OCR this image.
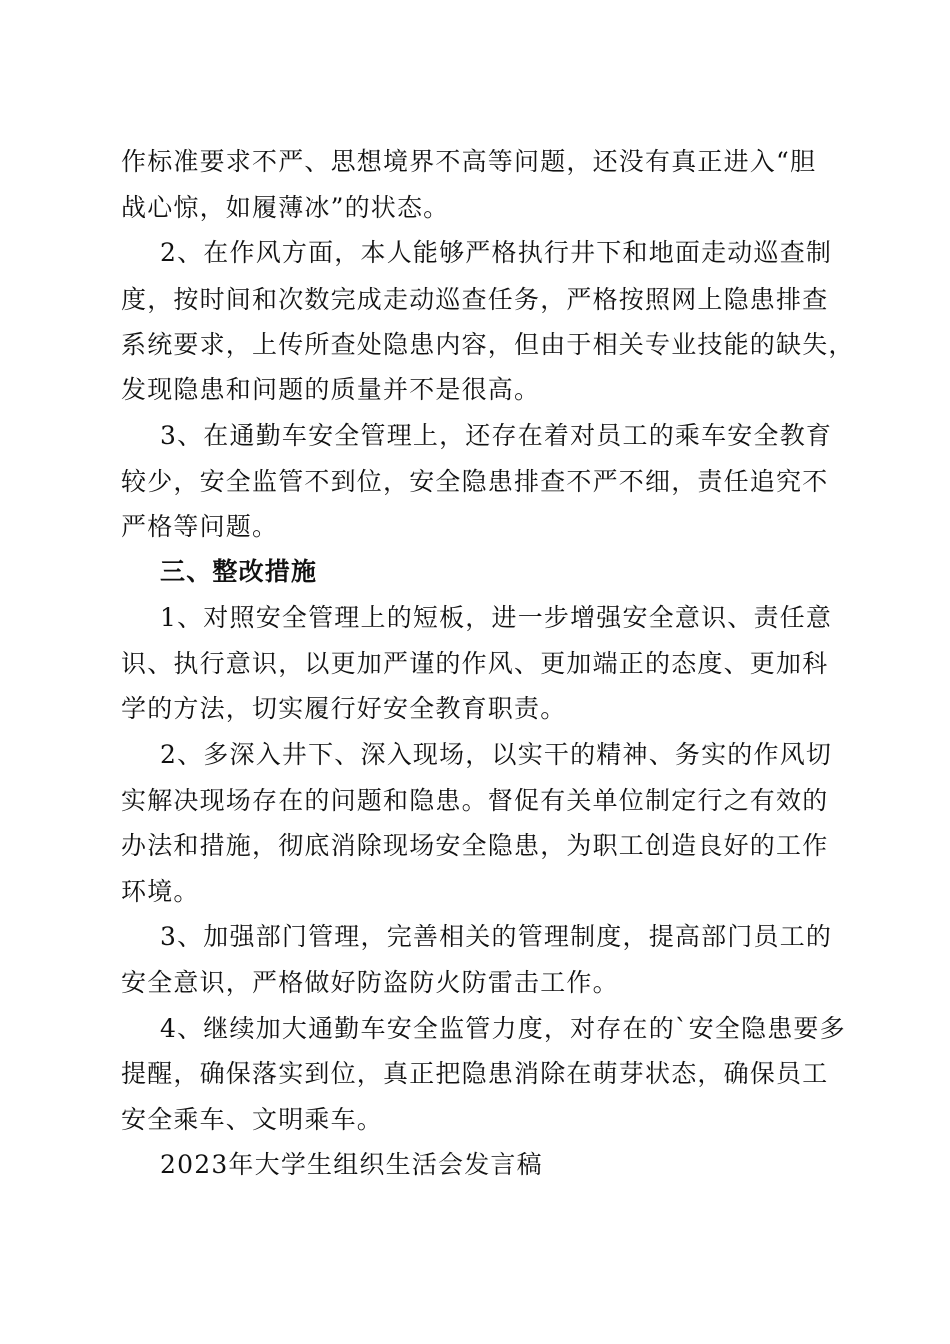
作标准要求不严、思想境界不高等问题，还没有真正进入“胆
战心惊，如履薄冰”的状态。
2、在作风方面，本人能够严格执行井下和地面走动巡查制
度，按时间和次数完成走动巡查任务，严格按照网上隐患排查
系统要求，上传所查处隐患内容，但由于相关专业技能的缺失，
发现隐患和问题的质量并不是很高。
3、在通勤车安全管理上，还存在着对员工的乘车安全教育
较少，安全监管不到位，安全隐患排查不严不细，责任追究不
严格等问题。
三、整改措施
1、对照安全管理上的短板，进一步增强安全意识、责任意
识、执行意识，以更加严谨的作风、更加端正的态度、更加科
学的方法，切实履行好安全教育职责。
2、多深入井下、深入现场，以实干的精神、务实的作风切
实解决现场存在的问题和隐患。督促有关单位制定行之有效的
办法和措施，彻底消除现场安全隐患，为职工创造良好的工作
环境。
3、加强部门管理，完善相关的管理制度，提高部门员工的
安全意识，严格做好防盗防火防雷击工作。
4、继续加大通勤车安全监管力度，对存在的`安全隐患要多
提醒，确保落实到位，真正把隐患消除在萌芽状态，确保员工
安全乘车、文明乘车。
2023年大学生组织生活会发言稿
